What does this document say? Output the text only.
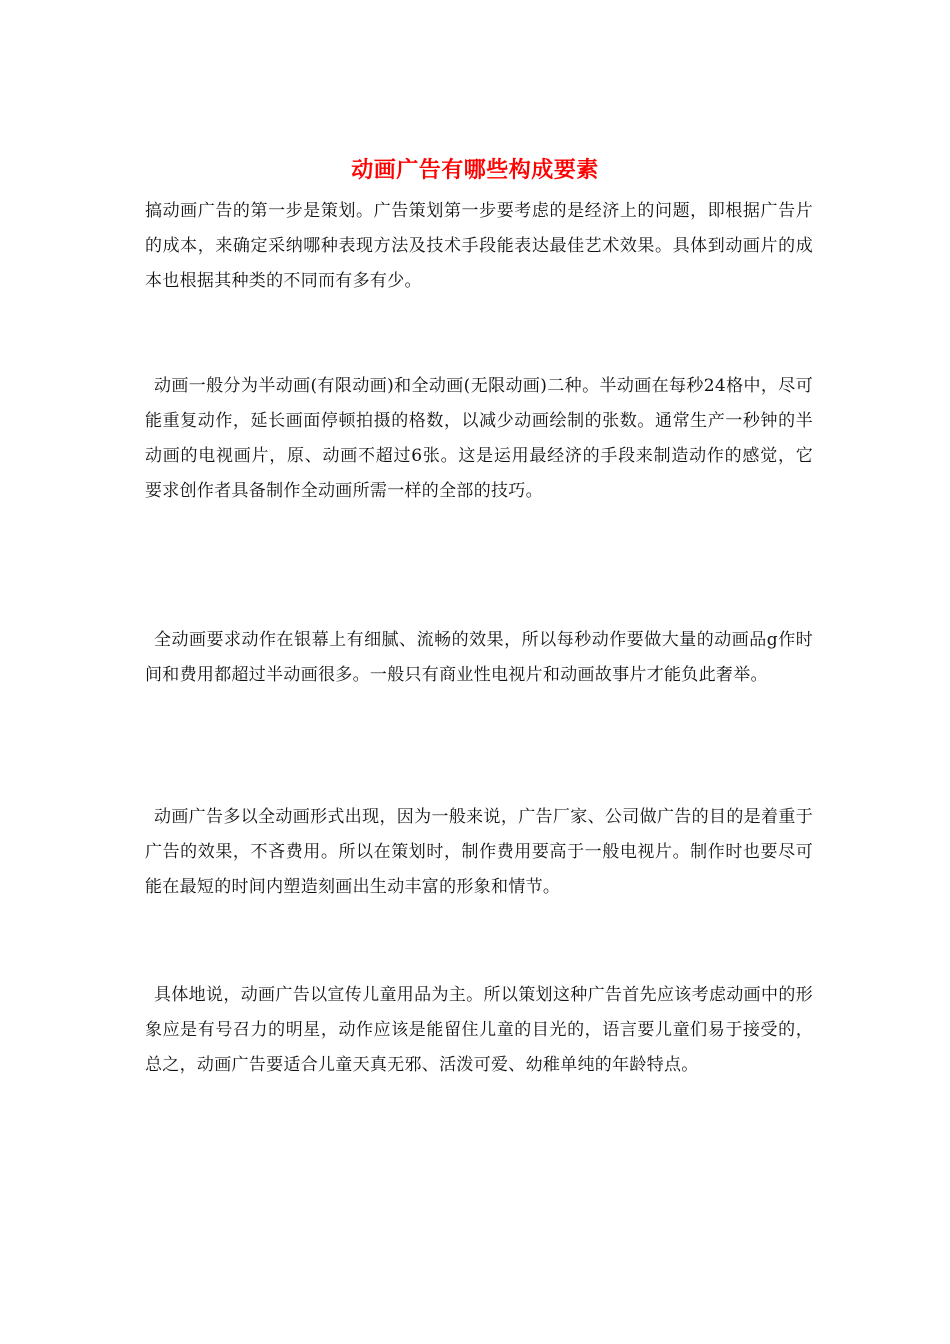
动画广告有哪些构成要素
搞动画广告的第一步是策划。广告策划第一步要考虑的是经济上的问题，即根据广告片的成本，来确定采纳哪种表现方法及技术手段能表达最佳艺术效果。具体到动画片的成本也根据其种类的不同而有多有少。
动画一般分为半动画(有限动画)和全动画(无限动画)二种。半动画在每秒24格中，尽可能重复动作，延长画面停顿拍摄的格数，以减少动画绘制的张数。通常生产一秒钟的半动画的电视画片，原、动画不超过6张。这是运用最经济的手段来制造动作的感觉，它要求创作者具备制作全动画所需一样的全部的技巧。
全动画要求动作在银幕上有细腻、流畅的效果，所以每秒动作要做大量的动画品g作时间和费用都超过半动画很多。一般只有商业性电视片和动画故事片才能负此奢举。
动画广告多以全动画形式出现，因为一般来说，广告厂家、公司做广告的目的是着重于广告的效果，不吝费用。所以在策划时，制作费用要高于一般电视片。制作时也要尽可能在最短的时间内塑造刻画出生动丰富的形象和情节。
具体地说，动画广告以宣传儿童用品为主。所以策划这种广告首先应该考虑动画中的形象应是有号召力的明星，动作应该是能留住儿童的目光的，语言要儿童们易于接受的，总之，动画广告要适合儿童天真无邪、活泼可爱、幼稚单纯的年龄特点。
